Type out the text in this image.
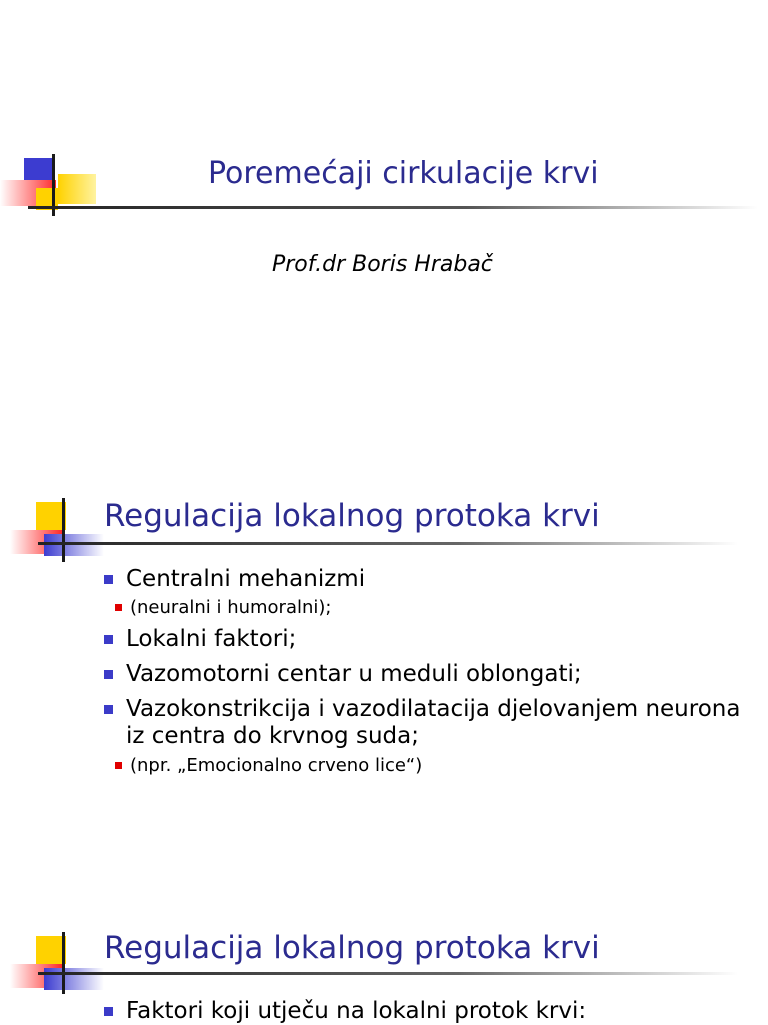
Poremećaji cirkulacije krvi
Prof.dr Boris Hrabač
Regulacija lokalnog protoka krvi
Centralni mehanizmi
(neuralni i humoralni);
Lokalni faktori;
Vazomotorni centar u meduli oblongati;
Vazokonstrikcija i vazodilatacija djelovanjem neurona
iz centra do krvnog suda;
(npr. „Emocionalno crveno lice“)
Regulacija lokalnog protoka krvi
Faktori koji utječu na lokalni protok krvi:
